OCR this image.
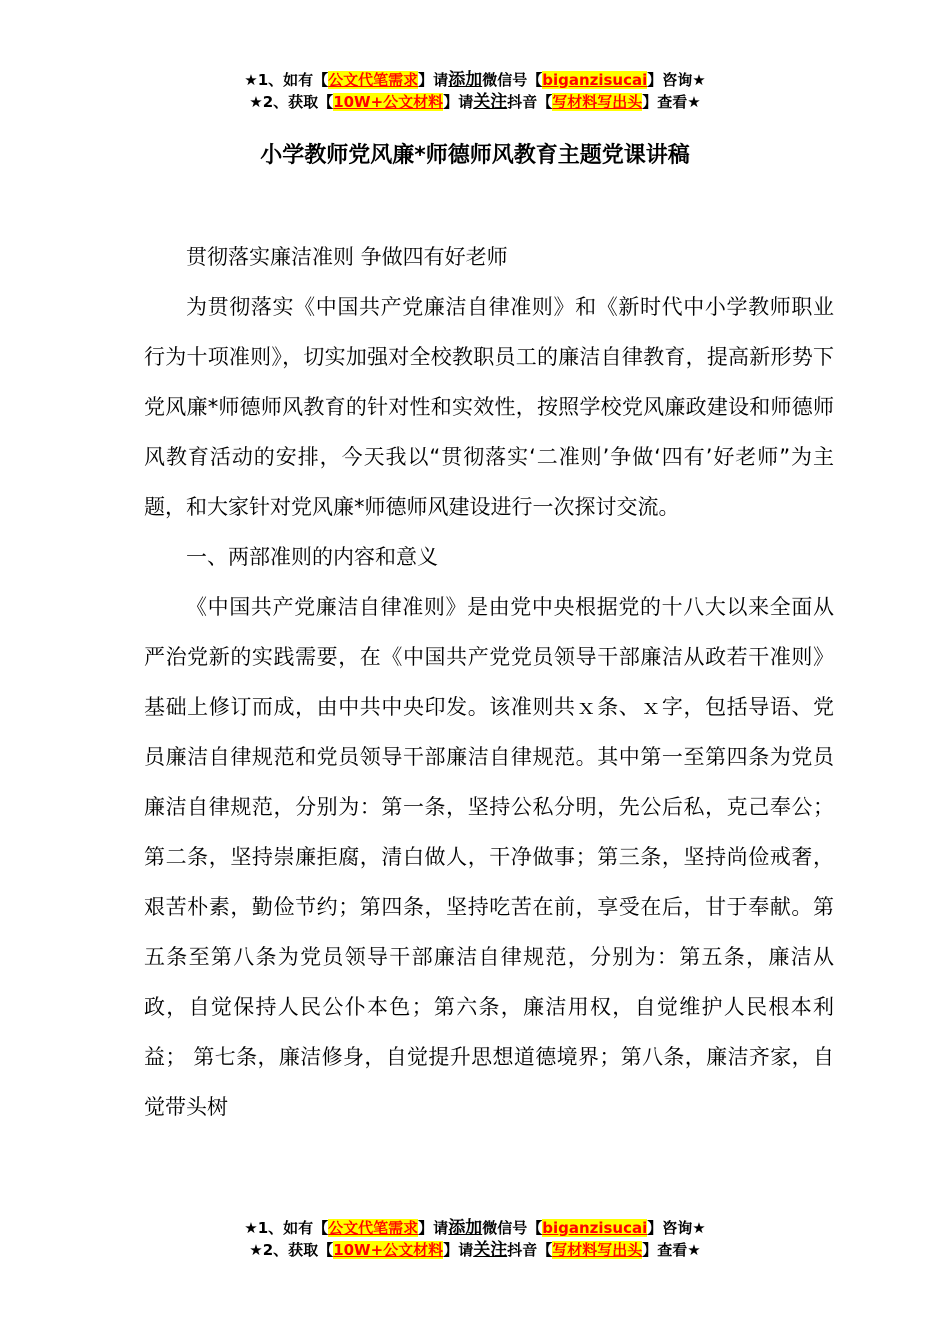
★1、如有【公文代笔需求】请添加微信号【biganzisucai】咨询★
★2、获取【10W+公文材料】请关注抖音【写材料写出头】查看★
小学教师党风廉*师德师风教育主题党课讲稿

贯彻落实廉洁准则 争做四有好老师

为贯彻落实《中国共产党廉洁自律准则》和《新时代中小学教师职业行为十项准则》，切实加强对全校教职员工的廉洁自律教育，提高新形势下党风廉*师德师风教育的针对性和实效性，按照学校党风廉政建设和师德师风教育活动的安排，今天我以“贯彻落实‘二准则’争做‘四有’好老师”为主题，和大家针对党风廉*师德师风建设进行一次探讨交流。

一、两部准则的内容和意义

《中国共产党廉洁自律准则》是由党中央根据党的十八大以来全面从严治党新的实践需要，在《中国共产党党员领导干部廉洁从政若干准则》基础上修订而成，由中共中央印发。该准则共ｘ条、ｘ字，包括导语、党员廉洁自律规范和党员领导干部廉洁自律规范。其中第一至第四条为党员廉洁自律规范，分别为：第一条，坚持公私分明，先公后私，克己奉公；第二条，坚持崇廉拒腐，清白做人，干净做事；第三条，坚持尚俭戒奢，艰苦朴素，勤俭节约；第四条，坚持吃苦在前，享受在后，甘于奉献。第五条至第八条为党员领导干部廉洁自律规范，分别为：第五条，廉洁从政，自觉保持人民公仆本色；第六条，廉洁用权，自觉维护人民根本利益； 第七条，廉洁修身，自觉提升思想道德境界；第八条，廉洁齐家，自觉带头树

★1、如有【公文代笔需求】请添加微信号【biganzisucai】咨询★
★2、获取【10W+公文材料】请关注抖音【写材料写出头】查看★
